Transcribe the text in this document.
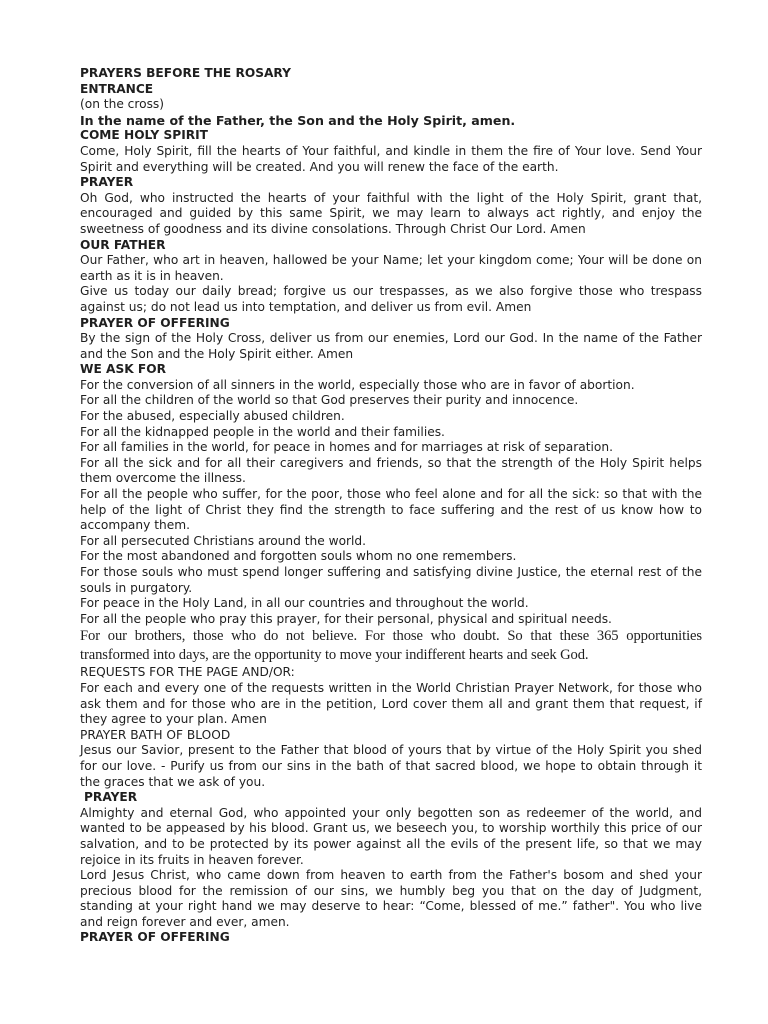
PRAYERS BEFORE THE ROSARY

ENTRANCE

(on the cross)

In the name of the Father, the Son and the Holy Spirit, amen.

COME HOLY SPIRIT

Come, Holy Spirit, fill the hearts of Your faithful, and kindle in them the fire of Your love. Send Your Spirit and everything will be created. And you will renew the face of the earth.

PRAYER

Oh God, who instructed the hearts of your faithful with the light of the Holy Spirit, grant that, encouraged and guided by this same Spirit, we may learn to always act rightly, and enjoy the sweetness of goodness and its divine consolations. Through Christ Our Lord. Amen

OUR FATHER

Our Father, who art in heaven, hallowed be your Name; let your kingdom come; Your will be done on earth as it is in heaven.

Give us today our daily bread; forgive us our trespasses, as we also forgive those who trespass against us; do not lead us into temptation, and deliver us from evil. Amen

PRAYER OF OFFERING

By the sign of the Holy Cross, deliver us from our enemies, Lord our God. In the name of the Father and the Son and the Holy Spirit either. Amen

WE ASK FOR

For the conversion of all sinners in the world, especially those who are in favor of abortion.

For all the children of the world so that God preserves their purity and innocence.

For the abused, especially abused children.

For all the kidnapped people in the world and their families.

For all families in the world, for peace in homes and for marriages at risk of separation.

For all the sick and for all their caregivers and friends, so that the strength of the Holy Spirit helps them overcome the illness.

For all the people who suffer, for the poor, those who feel alone and for all the sick: so that with the help of the light of Christ they find the strength to face suffering and the rest of us know how to accompany them.

For all persecuted Christians around the world.

For the most abandoned and forgotten souls whom no one remembers.

For those souls who must spend longer suffering and satisfying divine Justice, the eternal rest of the souls in purgatory.

For peace in the Holy Land, in all our countries and throughout the world.

For all the people who pray this prayer, for their personal, physical and spiritual needs.

For our brothers, those who do not believe. For those who doubt. So that these 365 opportunities transformed into days, are the opportunity to move your indifferent hearts and seek God.

REQUESTS FOR THE PAGE AND/OR:

For each and every one of the requests written in the World Christian Prayer Network, for those who ask them and for those who are in the petition, Lord cover them all and grant them that request, if they agree to your plan. Amen

PRAYER BATH OF BLOOD

Jesus our Savior, present to the Father that blood of yours that by virtue of the Holy Spirit you shed for our love. - Purify us from our sins in the bath of that sacred blood, we hope to obtain through it the graces that we ask of you.

PRAYER

Almighty and eternal God, who appointed your only begotten son as redeemer of the world, and wanted to be appeased by his blood. Grant us, we beseech you, to worship worthily this price of our salvation, and to be protected by its power against all the evils of the present life, so that we may rejoice in its fruits in heaven forever.

Lord Jesus Christ, who came down from heaven to earth from the Father's bosom and shed your precious blood for the remission of our sins, we humbly beg you that on the day of Judgment, standing at your right hand we may deserve to hear: “Come, blessed of me.” father". You who live and reign forever and ever, amen.

PRAYER OF OFFERING
